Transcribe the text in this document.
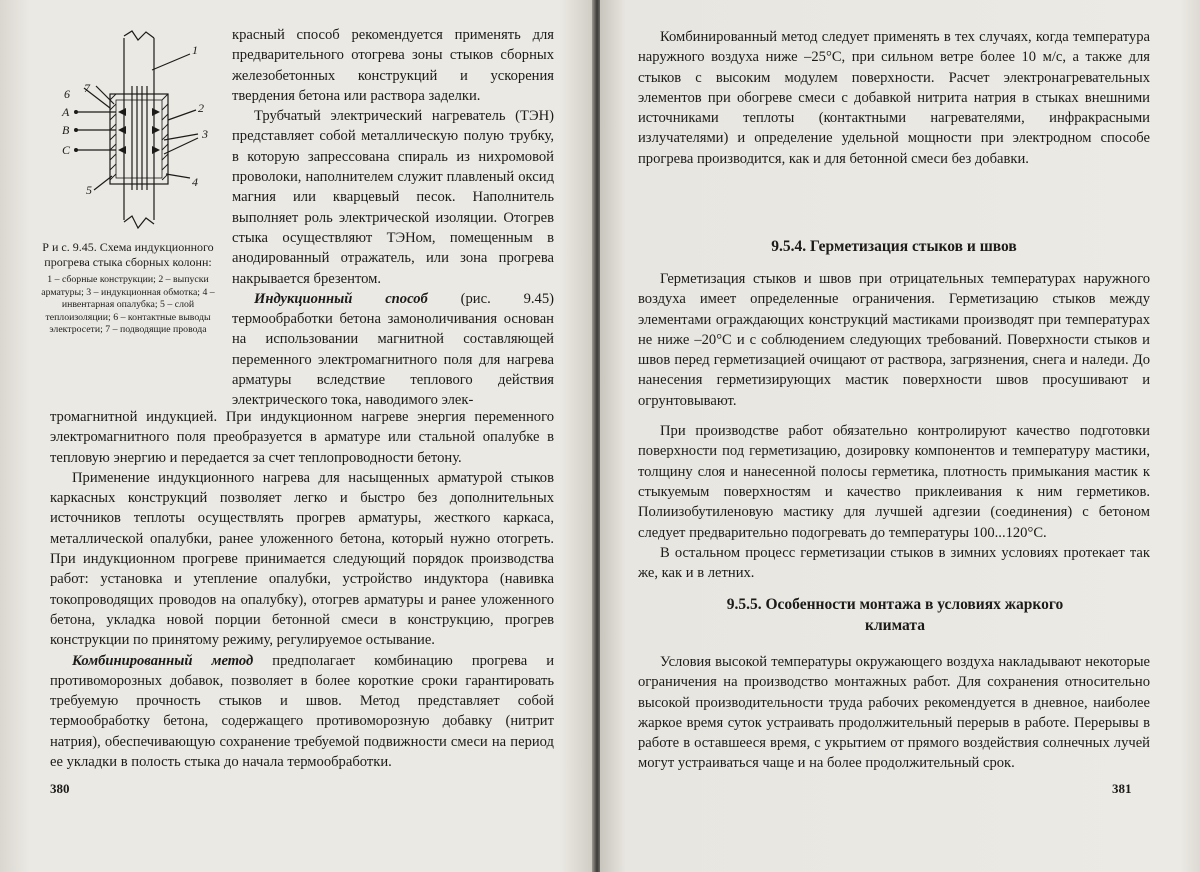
1
2
3
4
5
6 7
A
B
C
Р и с. 9.45. Схема индукционного прогрева стыка сборных колонн:
1 – сборные конструкции; 2 – выпуски арматуры; 3 – индукционная обмотка; 4 – инвентарная опалубка; 5 – слой теплоизоляции; 6 – контактные выводы электросети; 7 – подводящие провода

красный способ рекомендуется применять для предварительного отогрева зоны стыков сборных железобетонных конструкций и ускорения твердения бетона или раствора заделки.

Трубчатый электрический нагреватель (ТЭН) представляет собой металлическую полую трубку, в которую запрессована спираль из нихромовой проволоки, наполнителем служит плавленый оксид магния или кварцевый песок. Наполнитель выполняет роль электрической изоляции. Отогрев стыка осуществляют ТЭНом, помещенным в анодированный отражатель, или зона прогрева накрывается брезентом.

Индукционный способ (рис. 9.45) термообработки бетона замоноличивания основан на использовании магнитной составляющей переменного электромагнитного поля для нагрева арматуры вследствие теплового действия электрического тока, наводимого элек-

тромагнитной индукцией. При индукционном нагреве энергия переменного электромагнитного поля преобразуется в арматуре или стальной опалубке в тепловую энергию и передается за счет теплопроводности бетону.

Применение индукционного нагрева для насыщенных арматурой стыков каркасных конструкций позволяет легко и быстро без дополнительных источников теплоты осуществлять прогрев арматуры, жесткого каркаса, металлической опалубки, ранее уложенного бетона, который нужно отогреть. При индукционном прогреве принимается следующий порядок производства работ: установка и утепление опалубки, устройство индуктора (навивка токопроводящих проводов на опалубку), отогрев арматуры и ранее уложенного бетона, укладка новой порции бетонной смеси в конструкцию, прогрев конструкции по принятому режиму, регулируемое остывание.

Комбинированный метод предполагает комбинацию прогрева и противоморозных добавок, позволяет в более короткие сроки гарантировать требуемую прочность стыков и швов. Метод представляет собой термообработку бетона, содержащего противоморозную добавку (нитрит натрия), обеспечивающую сохранение требуемой подвижности смеси на период ее укладки в полость стыка до начала термообработки.

380

Комбинированный метод следует применять в тех случаях, когда температура наружного воздуха ниже –25°С, при сильном ветре более 10 м/с, а также для стыков с высоким модулем поверхности. Расчет электронагревательных элементов при обогреве смеси с добавкой нитрита натрия в стыках внешними источниками теплоты (контактными нагревателями, инфракрасными излучателями) и определение удельной мощности при электродном способе прогрева производится, как и для бетонной смеси без добавки.

9.5.4. Герметизация стыков и швов

Герметизация стыков и швов при отрицательных температурах наружного воздуха имеет определенные ограничения. Герметизацию стыков между элементами ограждающих конструкций мастиками производят при температурах не ниже –20°С и с соблюдением следующих требований. Поверхности стыков и швов перед герметизацией очищают от раствора, загрязнения, снега и наледи. До нанесения герметизирующих мастик поверхности швов просушивают и огрунтовывают.

При производстве работ обязательно контролируют качество подготовки поверхности под герметизацию, дозировку компонентов и температуру мастики, толщину слоя и нанесенной полосы герметика, плотность примыкания мастик к стыкуемым поверхностям и качество приклеивания к ним герметиков. Полиизобутиленовую мастику для лучшей адгезии (соединения) с бетоном следует предварительно подогревать до температуры 100...120°С.

В остальном процесс герметизации стыков в зимних условиях протекает так же, как и в летних.

9.5.5. Особенности монтажа в условиях жаркого климата

Условия высокой температуры окружающего воздуха накладывают некоторые ограничения на производство монтажных работ. Для сохранения относительно высокой производительности труда рабочих рекомендуется в дневное, наиболее жаркое время суток устраивать продолжительный перерыв в работе. Перерывы в работе в оставшееся время, с укрытием от прямого воздействия солнечных лучей могут устраиваться чаще и на более продолжительный срок.

381
